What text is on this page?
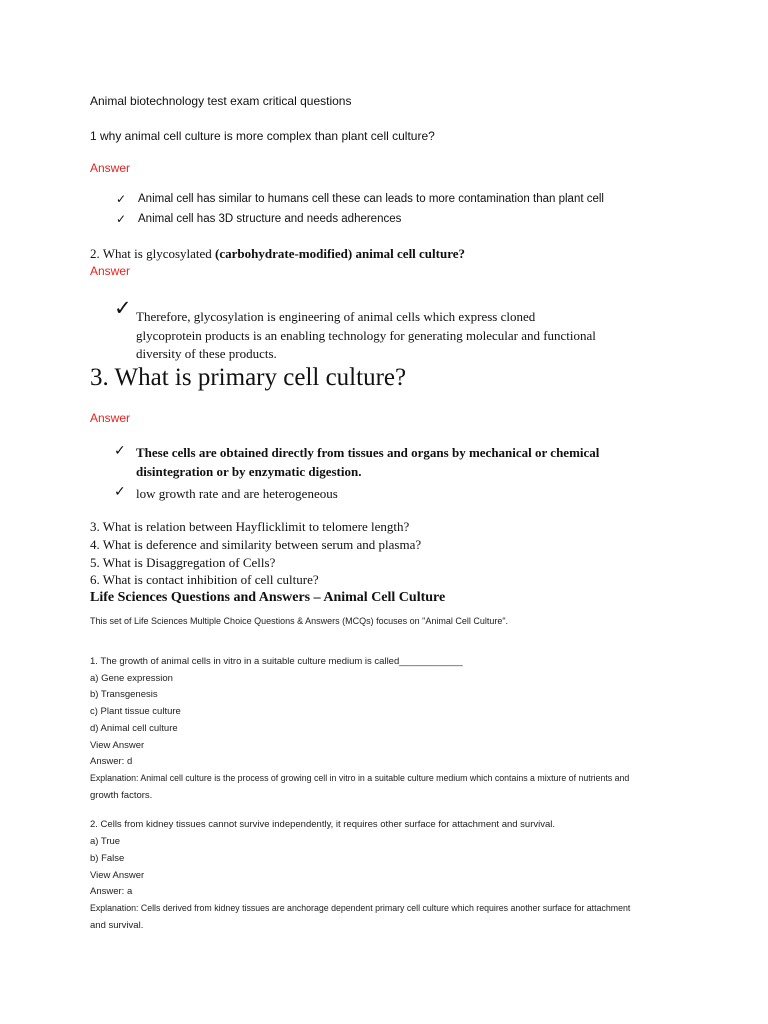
Animal biotechnology test exam critical questions

1 why animal cell culture is more complex than plant cell culture?

Answer

✓ Animal cell has similar to humans cell these can leads to more contamination than plant cell

✓ Animal cell has 3D structure and needs adherences

2. What is glycosylated (carbohydrate-modified) animal cell culture?

Answer

✓ Therefore, glycosylation is engineering of animal cells which express cloned

glycoprotein products is an enabling technology for generating molecular and functional

diversity of these products.

3. What is primary cell culture?

Answer

✓ These cells are obtained directly from tissues and organs by mechanical or chemical

disintegration or by enzymatic digestion.

✓ low growth rate and are heterogeneous

3. What is relation between Hayflicklimit to telomere length?

4. What is deference and similarity between serum and plasma?

5. What is Disaggregation of Cells?

6. What is contact inhibition of cell culture?

Life Sciences Questions and Answers – Animal Cell Culture

This set of Life Sciences Multiple Choice Questions & Answers (MCQs) focuses on "Animal Cell Culture".

1. The growth of animal cells in vitro in a suitable culture medium is called____________

a) Gene expression

b) Transgenesis

c) Plant tissue culture

d) Animal cell culture

View Answer

Answer: d

Explanation: Animal cell culture is the process of growing cell in vitro in a suitable culture medium which contains a mixture of nutrients and

growth factors.

2. Cells from kidney tissues cannot survive independently, it requires other surface for attachment and survival.

a) True

b) False

View Answer

Answer: a

Explanation: Cells derived from kidney tissues are anchorage dependent primary cell culture which requires another surface for attachment

and survival.
